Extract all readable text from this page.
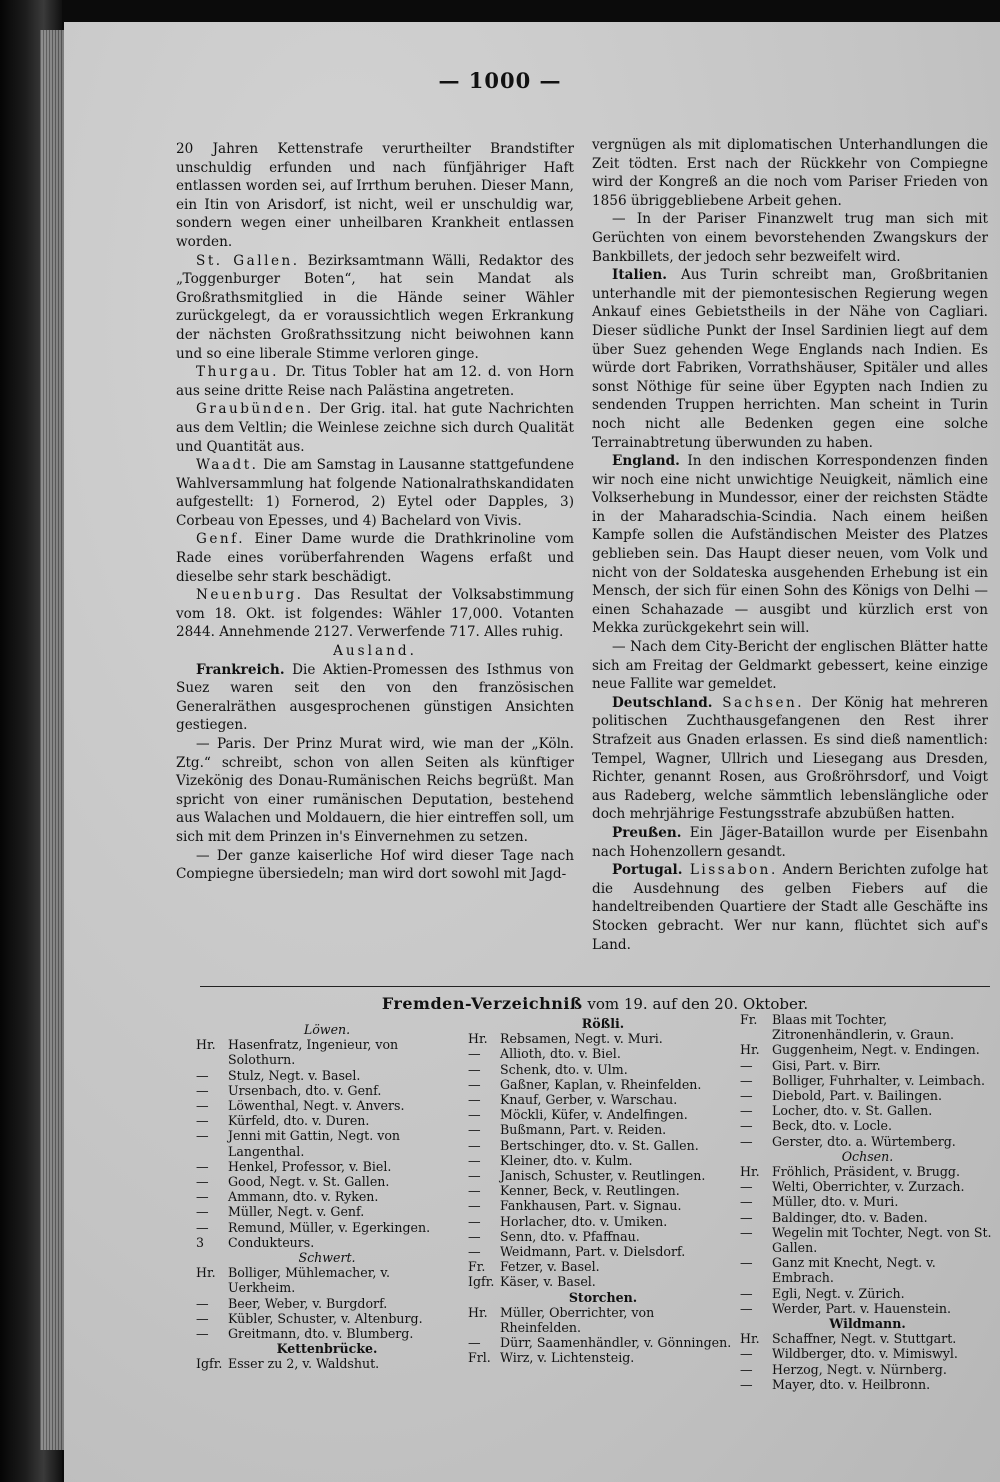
— 1000 —

20 Jahren Kettenstrafe verurtheilter Brandstifter unschuldig erfunden und nach fünfjähriger Haft entlassen worden sei, auf Irrthum beruhen. Dieser Mann, ein Itin von Arisdorf, ist nicht, weil er unschuldig war, sondern wegen einer unheilbaren Krankheit entlassen worden.

St. Gallen. Bezirksamtmann Wälli, Redaktor des „Toggenburger Boten“, hat sein Mandat als Großrathsmitglied in die Hände seiner Wähler zurückgelegt, da er voraussichtlich wegen Erkrankung der nächsten Großrathssitzung nicht beiwohnen kann und so eine liberale Stimme verloren ginge.

Thurgau. Dr. Titus Tobler hat am 12. d. von Horn aus seine dritte Reise nach Palästina angetreten.

Graubünden. Der Grig. ital. hat gute Nachrichten aus dem Veltlin; die Weinlese zeichne sich durch Qualität und Quantität aus.

Waadt. Die am Samstag in Lausanne stattgefundene Wahlversammlung hat folgende Nationalrathskandidaten aufgestellt: 1) Fornerod, 2) Eytel oder Dapples, 3) Corbeau von Epesses, und 4) Bachelard von Vivis.

Genf. Einer Dame wurde die Drathkrinoline vom Rade eines vorüberfahrenden Wagens erfaßt und dieselbe sehr stark beschädigt.

Neuenburg. Das Resultat der Volksabstimmung vom 18. Okt. ist folgendes: Wähler 17,000. Votanten 2844. Annehmende 2127. Verwerfende 717. Alles ruhig.

Ausland.

Frankreich. Die Aktien-Promessen des Isthmus von Suez waren seit den von den französischen Generalräthen ausgesprochenen günstigen Ansichten gestiegen.

— Paris. Der Prinz Murat wird, wie man der „Köln. Ztg.“ schreibt, schon von allen Seiten als künftiger Vizekönig des Donau-Rumänischen Reichs begrüßt. Man spricht von einer rumänischen Deputation, bestehend aus Walachen und Moldauern, die hier eintreffen soll, um sich mit dem Prinzen in's Einvernehmen zu setzen.

— Der ganze kaiserliche Hof wird dieser Tage nach Compiegne übersiedeln; man wird dort sowohl mit Jagd-

vergnügen als mit diplomatischen Unterhandlungen die Zeit tödten. Erst nach der Rückkehr von Compiegne wird der Kongreß an die noch vom Pariser Frieden von 1856 übriggebliebene Arbeit gehen.

— In der Pariser Finanzwelt trug man sich mit Gerüchten von einem bevorstehenden Zwangskurs der Bankbillets, der jedoch sehr bezweifelt wird.

Italien. Aus Turin schreibt man, Großbritanien unterhandle mit der piemontesischen Regierung wegen Ankauf eines Gebietstheils in der Nähe von Cagliari. Dieser südliche Punkt der Insel Sardinien liegt auf dem über Suez gehenden Wege Englands nach Indien. Es würde dort Fabriken, Vorrathshäuser, Spitäler und alles sonst Nöthige für seine über Egypten nach Indien zu sendenden Truppen herrichten. Man scheint in Turin noch nicht alle Bedenken gegen eine solche Terrainabtretung überwunden zu haben.

England. In den indischen Korrespondenzen finden wir noch eine nicht unwichtige Neuigkeit, nämlich eine Volkserhebung in Mundessor, einer der reichsten Städte in der Maharadschia-Scindia. Nach einem heißen Kampfe sollen die Aufständischen Meister des Platzes geblieben sein. Das Haupt dieser neuen, vom Volk und nicht von der Soldateska ausgehenden Erhebung ist ein Mensch, der sich für einen Sohn des Königs von Delhi — einen Schahazade — ausgibt und kürzlich erst von Mekka zurückgekehrt sein will.

— Nach dem City-Bericht der englischen Blätter hatte sich am Freitag der Geldmarkt gebessert, keine einzige neue Fallite war gemeldet.

Deutschland. Sachsen. Der König hat mehreren politischen Zuchthausgefangenen den Rest ihrer Strafzeit aus Gnaden erlassen. Es sind dieß namentlich: Tempel, Wagner, Ullrich und Liesegang aus Dresden, Richter, genannt Rosen, aus Großröhrsdorf, und Voigt aus Radeberg, welche sämmtlich lebenslängliche oder doch mehrjährige Festungsstrafe abzubüßen hatten.

Preußen. Ein Jäger-Bataillon wurde per Eisenbahn nach Hohenzollern gesandt.

Portugal. Lissabon. Andern Berichten zufolge hat die Ausdehnung des gelben Fiebers auf die handeltreibenden Quartiere der Stadt alle Geschäfte ins Stocken gebracht. Wer nur kann, flüchtet sich auf's Land.

Fremden-Verzeichniß vom 19. auf den 20. Oktober.
Löwen.
Hr. Hasenfratz, Ingenieur, von Solothurn.
—	Stulz, Negt. v. Basel.
—	Ursenbach, dto. v. Genf.
—	Löwenthal, Negt. v. Anvers.
—	Kürfeld, dto. v. Duren.
—	Jenni mit Gattin, Negt. von Langenthal.
—	Henkel, Professor, v. Biel.
—	Good, Negt. v. St. Gallen.
—	Ammann, dto. v. Ryken.
—	Müller, Negt. v. Genf.
—	Remund, Müller, v. Egerkingen.
3	Condukteurs.
Schwert.
Hr. Bolliger, Mühlemacher, v. Uerkheim.
—	Beer, Weber, v. Burgdorf.
—	Kübler, Schuster, v. Altenburg.
—	Greitmann, dto. v. Blumberg.
Kettenbrücke.
Igfr. Esser zu 2, v. Waldshut.
Rößli.
Hr. Rebsamen, Negt. v. Muri.
—	Allioth, dto. v. Biel.
—	Schenk, dto. v. Ulm.
—	Gaßner, Kaplan, v. Rheinfelden.
—	Knauf, Gerber, v. Warschau.
—	Möckli, Küfer, v. Andelfingen.
—	Bußmann, Part. v. Reiden.
—	Bertschinger, dto. v. St. Gallen.
—	Kleiner, dto. v. Kulm.
—	Janisch, Schuster, v. Reutlingen.
—	Kenner, Beck, v. Reutlingen.
—	Fankhausen, Part. v. Signau.
—	Horlacher, dto. v. Umiken.
—	Senn, dto. v. Pfaffnau.
—	Weidmann, Part. v. Dielsdorf.
Fr.	Fetzer, v. Basel.
Igfr. Käser, v. Basel.
Storchen.
Hr. Müller, Oberrichter, von Rheinfelden.
—	Dürr, Saamenhändler, v. Gönningen.
Frl. Wirz, v. Lichtensteig.
Fr.	Blaas mit Tochter, Zitronenhändlerin, v. Graun.
Hr. Guggenheim, Negt. v. Endingen.
—	Gisi, Part. v. Birr.
—	Bolliger, Fuhrhalter, v. Leimbach.
—	Diebold, Part. v. Bailingen.
—	Locher, dto. v. St. Gallen.
—	Beck, dto. v. Locle.
—	Gerster, dto. a. Würtemberg.
Ochsen.
Hr. Fröhlich, Präsident, v. Brugg.
—	Welti, Oberrichter, v. Zurzach.
—	Müller, dto. v. Muri.
—	Baldinger, dto. v. Baden.
—	Wegelin mit Tochter, Negt. von St. Gallen.
—	Ganz mit Knecht, Negt. v. Embrach.
—	Egli, Negt. v. Zürich.
—	Werder, Part. v. Hauenstein.
Wildmann.
Hr. Schaffner, Negt. v. Stuttgart.
—	Wildberger, dto. v. Mimiswyl.
—	Herzog, Negt. v. Nürnberg.
—	Mayer, dto. v. Heilbronn.
